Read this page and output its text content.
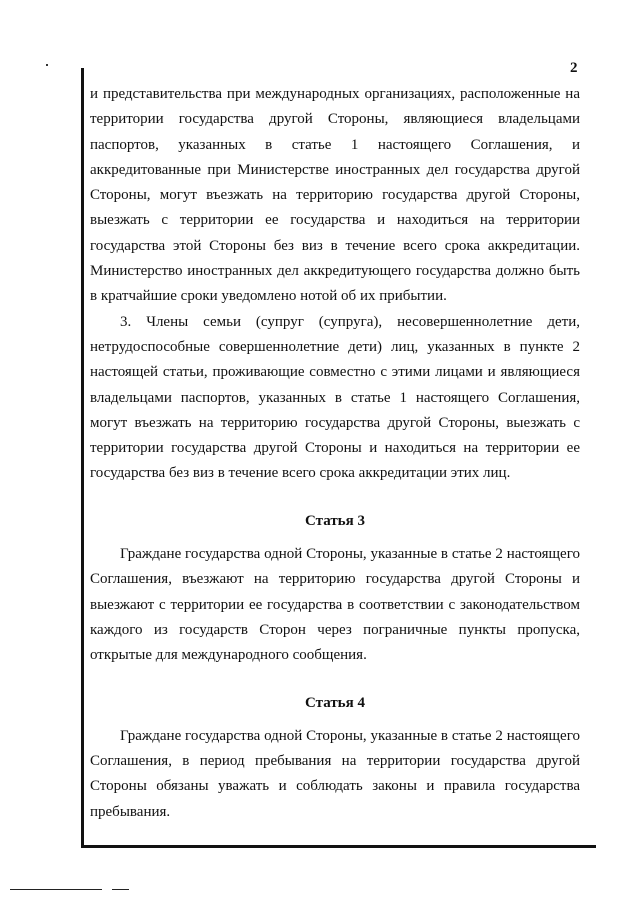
2

и представительства при международных организациях, расположенные на территории государства другой Стороны, являющиеся владельцами паспортов, указанных в статье 1 настоящего Соглашения, и аккредитованные при Министерстве иностранных дел государства другой Стороны, могут въезжать на территорию государства другой Стороны, выезжать с территории ее государства и находиться на территории государства этой Стороны без виз в течение всего срока аккредитации. Министерство иностранных дел аккредитующего государства должно быть в кратчайшие сроки уведомлено нотой об их прибытии.

3. Члены семьи (супруг (супруга), несовершеннолетние дети, нетрудоспособные совершеннолетние дети) лиц, указанных в пункте 2 настоящей статьи, проживающие совместно с этими лицами и являющиеся владельцами паспортов, указанных в статье 1 настоящего Соглашения, могут въезжать на территорию государства другой Стороны, выезжать с территории государства другой Стороны и находиться на территории ее государства без виз в течение всего срока аккредитации этих лиц.

Статья 3

Граждане государства одной Стороны, указанные в статье 2 настоящего Соглашения, въезжают на территорию государства другой Стороны и выезжают с территории ее государства в соответствии с законодательством каждого из государств Сторон через пограничные пункты пропуска, открытые для международного сообщения.

Статья 4

Граждане государства одной Стороны, указанные в статье 2 настоящего Соглашения, в период пребывания на территории государства другой Стороны обязаны уважать и соблюдать законы и правила государства пребывания.
